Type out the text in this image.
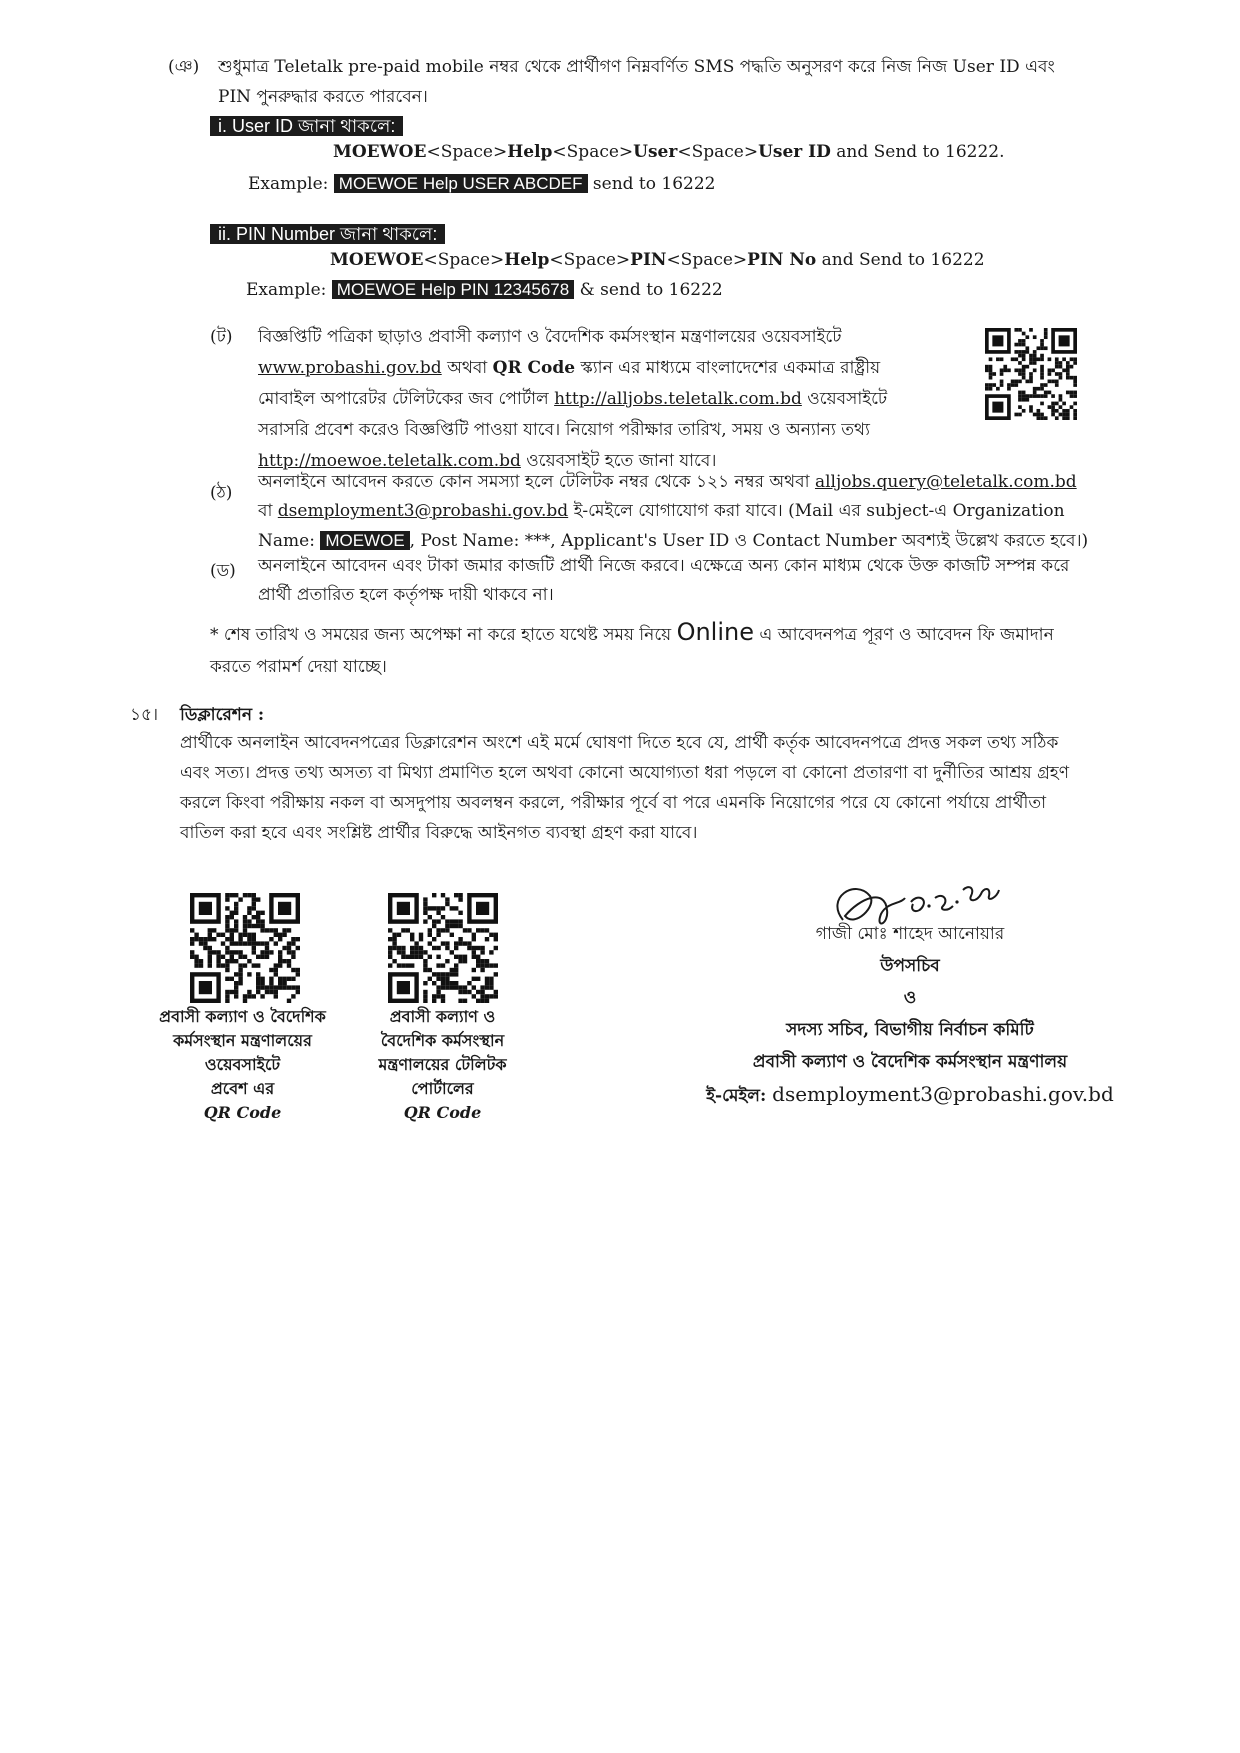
(ঞ) শুধুমাত্র Teletalk pre-paid mobile নম্বর থেকে প্রার্থীগণ নিম্নবর্ণিত SMS পদ্ধতি অনুসরণ করে নিজ নিজ User ID এবং
PIN পুনরুদ্ধার করতে পারবেন।
i. User ID জানা থাকলে:
MOEWOE<Space>Help<Space>User<Space>User ID and Send to 16222.
Example: MOEWOE Help USER ABCDEF send to 16222
ii. PIN Number জানা থাকলে:
MOEWOE<Space>Help<Space>PIN<Space>PIN No and Send to 16222
Example: MOEWOE Help PIN 12345678 & send to 16222
(ট) বিজ্ঞপ্তিটি পত্রিকা ছাড়াও প্রবাসী কল্যাণ ও বৈদেশিক কর্মসংস্থান মন্ত্রণালয়ের ওয়েবসাইটে
www.probashi.gov.bd অথবা QR Code স্ক্যান এর মাধ্যমে বাংলাদেশের একমাত্র রাষ্ট্রীয়
মোবাইল অপারেটর টেলিটকের জব পোর্টাল http://alljobs.teletalk.com.bd ওয়েবসাইটে
সরাসরি প্রবেশ করেও বিজ্ঞপ্তিটি পাওয়া যাবে। নিয়োগ পরীক্ষার তারিখ, সময় ও অন্যান্য তথ্য
http://moewoe.teletalk.com.bd ওয়েবসাইট হতে জানা যাবে।
(ঠ)
অনলাইনে আবেদন করতে কোন সমস্যা হলে টেলিটক নম্বর থেকে ১২১ নম্বর অথবা alljobs.query@teletalk.com.bd
বা dsemployment3@probashi.gov.bd ই-মেইলে যোগাযোগ করা যাবে। (Mail এর subject-এ Organization
Name: MOEWOE , Post Name: ***, Applicant's User ID ও Contact Number অবশ্যই উল্লেখ করতে হবে।)
(ড) অনলাইনে আবেদন এবং টাকা জমার কাজটি প্রার্থী নিজে করবে। এক্ষেত্রে অন্য কোন মাধ্যম থেকে উক্ত কাজটি সম্পন্ন করে
প্রার্থী প্রতারিত হলে কর্তৃপক্ষ দায়ী থাকবে না।
* শেষ তারিখ ও সময়ের জন্য অপেক্ষা না করে হাতে যথেষ্ট সময় নিয়ে Online এ আবেদনপত্র পূরণ ও আবেদন ফি জমাদান
করতে পরামর্শ দেয়া যাচ্ছে।
১৫। ডিক্লারেশন :
প্রার্থীকে অনলাইন আবেদনপত্রের ডিক্লারেশন অংশে এই মর্মে ঘোষণা দিতে হবে যে, প্রার্থী কর্তৃক আবেদনপত্রে প্রদত্ত সকল তথ্য সঠিক
এবং সত্য। প্রদত্ত তথ্য অসত্য বা মিথ্যা প্রমাণিত হলে অথবা কোনো অযোগ্যতা ধরা পড়লে বা কোনো প্রতারণা বা দুর্নীতির আশ্রয় গ্রহণ
করলে কিংবা পরীক্ষায় নকল বা অসদুপায় অবলম্বন করলে, পরীক্ষার পূর্বে বা পরে এমনকি নিয়োগের পরে যে কোনো পর্যায়ে প্রার্থীতা
বাতিল করা হবে এবং সংশ্লিষ্ট প্রার্থীর বিরুদ্ধে আইনগত ব্যবস্থা গ্রহণ করা যাবে।
প্রবাসী কল্যাণ ও বৈদেশিক
কর্মসংস্থান মন্ত্রণালয়ের
ওয়েবসাইটে
প্রবেশ এর
QR Code
প্রবাসী কল্যাণ ও
বৈদেশিক কর্মসংস্থান
মন্ত্রণালয়ের টেলিটক
পোর্টালের
QR Code
গাজী মোঃ শাহেদ আনোয়ার
উপসচিব
ও
সদস্য সচিব, বিভাগীয় নির্বাচন কমিটি
প্রবাসী কল্যাণ ও বৈদেশিক কর্মসংস্থান মন্ত্রণালয়
ই-মেইল: dsemployment3@probashi.gov.bd
